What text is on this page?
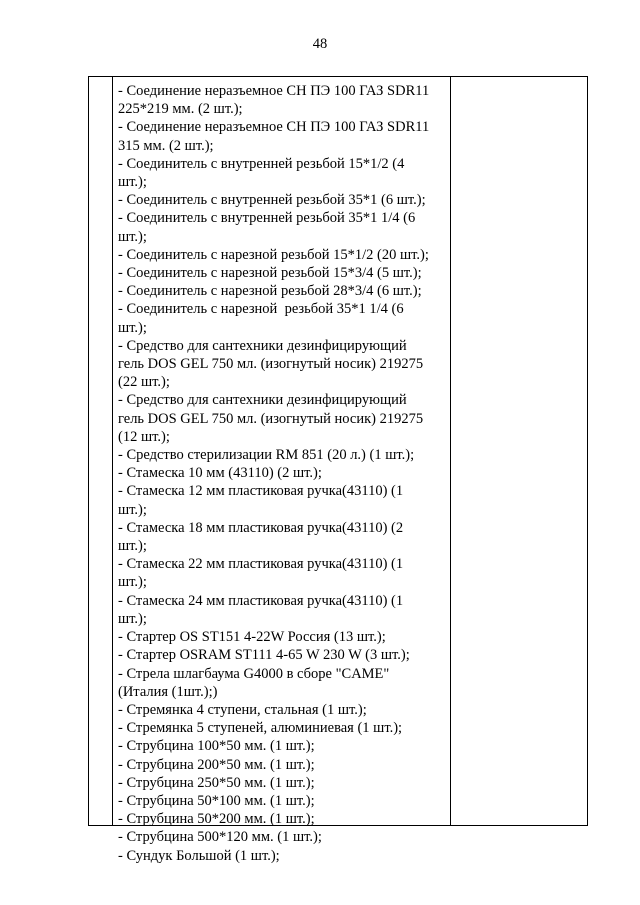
48

- Соединение неразъемное СН ПЭ 100 ГАЗ SDR11
225*219 мм. (2 шт.);
- Соединение неразъемное СН ПЭ 100 ГАЗ SDR11
315 мм. (2 шт.);
- Соединитель с внутренней резьбой 15*1/2 (4
шт.);
- Соединитель с внутренней резьбой 35*1 (6 шт.);
- Соединитель с внутренней резьбой 35*1 1/4 (6
шт.);
- Соединитель с нарезной резьбой 15*1/2 (20 шт.);
- Соединитель с нарезной резьбой 15*3/4 (5 шт.);
- Соединитель с нарезной резьбой 28*3/4 (6 шт.);
- Соединитель с нарезной  резьбой 35*1 1/4 (6
шт.);
- Средство для сантехники дезинфицирующий
гель DOS GEL 750 мл. (изогнутый носик) 219275
(22 шт.);
- Средство для сантехники дезинфицирующий
гель DOS GEL 750 мл. (изогнутый носик) 219275
(12 шт.);
- Средство стерилизации RM 851 (20 л.) (1 шт.);
- Стамеска 10 мм (43110) (2 шт.);
- Стамеска 12 мм пластиковая ручка(43110) (1
шт.);
- Стамеска 18 мм пластиковая ручка(43110) (2
шт.);
- Стамеска 22 мм пластиковая ручка(43110) (1
шт.);
- Стамеска 24 мм пластиковая ручка(43110) (1
шт.);
- Стартер OS ST151 4-22W Россия (13 шт.);
- Стартер OSRAM ST111 4-65 W 230 W (3 шт.);
- Стрела шлагбаума G4000 в сборе "CAME"
(Италия (1шт.);)
- Стремянка 4 ступени, стальная (1 шт.);
- Стремянка 5 ступеней, алюминиевая (1 шт.);
- Струбцина 100*50 мм. (1 шт.);
- Струбцина 200*50 мм. (1 шт.);
- Струбцина 250*50 мм. (1 шт.);
- Струбцина 50*100 мм. (1 шт.);
- Струбцина 50*200 мм. (1 шт.);
- Струбцина 500*120 мм. (1 шт.);
- Сундук Большой (1 шт.);
